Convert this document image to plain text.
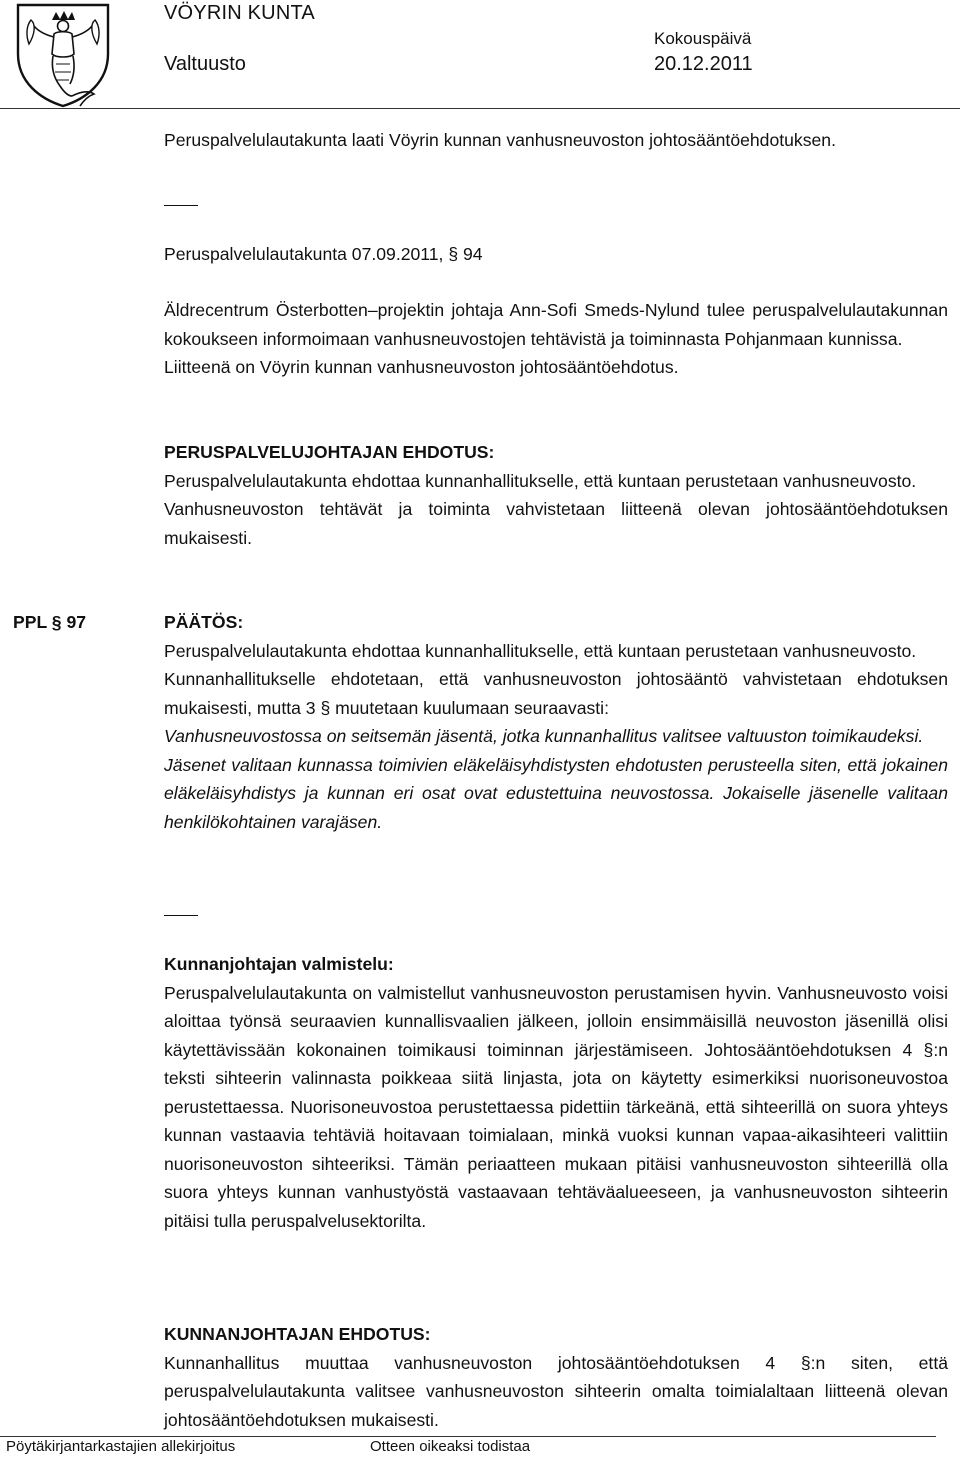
VÖYRIN KUNTA
Valtuusto
Kokouspäivä
20.12.2011

Peruspalvelulautakunta laati Vöyrin kunnan vanhusneuvoston johtosääntöehdotuksen.

Peruspalvelulautakunta 07.09.2011, § 94

Äldrecentrum Österbotten–projektin johtaja Ann-Sofi Smeds-Nylund tulee peruspalvelulautakunnan kokoukseen informoimaan vanhusneuvostojen tehtävistä ja toiminnasta Pohjanmaan kunnissa.

Liitteenä on Vöyrin kunnan vanhusneuvoston johtosääntöehdotus.

PERUSPALVELUJOHTAJAN EHDOTUS:

Peruspalvelulautakunta ehdottaa kunnanhallitukselle, että kuntaan perustetaan vanhusneuvosto.

Vanhusneuvoston tehtävät ja toiminta vahvistetaan liitteenä olevan johtosääntöehdotuksen mukaisesti.

PPL § 97	PÄÄTÖS:

Peruspalvelulautakunta ehdottaa kunnanhallitukselle, että kuntaan perustetaan vanhusneuvosto.

Kunnanhallitukselle ehdotetaan, että vanhusneuvoston johtosääntö vahvistetaan ehdotuksen mukaisesti, mutta 3 § muutetaan kuulumaan seuraavasti:

Vanhusneuvostossa on seitsemän jäsentä, jotka kunnanhallitus valitsee valtuuston toimikaudeksi.

Jäsenet valitaan kunnassa toimivien eläkeläisyhdistysten ehdotusten perusteella siten, että jokainen eläkeläisyhdistys ja kunnan eri osat ovat edustettuina neuvostossa. Jokaiselle jäsenelle valitaan henkilökohtainen varajäsen.

Kunnanjohtajan valmistelu:

Peruspalvelulautakunta on valmistellut vanhusneuvoston perustamisen hyvin. Vanhusneuvosto voisi aloittaa työnsä seuraavien kunnallisvaalien jälkeen, jolloin ensimmäisillä neuvoston jäsenillä olisi käytettävissään kokonainen toimikausi toiminnan järjestämiseen. Johtosääntöehdotuksen 4 §:n teksti sihteerin valinnasta poikkeaa siitä linjasta, jota on käytetty esimerkiksi nuorisoneuvostoa perustettaessa. Nuorisoneuvostoa perustettaessa pidettiin tärkeänä, että sihteerillä on suora yhteys kunnan vastaavia tehtäviä hoitavaan toimialaan, minkä vuoksi kunnan vapaa-aikasihteeri valittiin nuorisoneuvoston sihteeriksi. Tämän periaatteen mukaan pitäisi vanhusneuvoston sihteerillä olla suora yhteys kunnan vanhustyöstä vastaavaan tehtäväalueeseen, ja vanhusneuvoston sihteerin pitäisi tulla peruspalvelusektorilta.

KUNNANJOHTAJAN EHDOTUS:

Kunnanhallitus muuttaa vanhusneuvoston johtosääntöehdotuksen 4 §:n siten, että peruspalvelulautakunta valitsee vanhusneuvoston sihteerin omalta toimialaltaan liitteenä olevan johtosääntöehdotuksen mukaisesti.

Pöytäkirjantarkastajien allekirjoitus	Otteen oikeaksi todistaa
